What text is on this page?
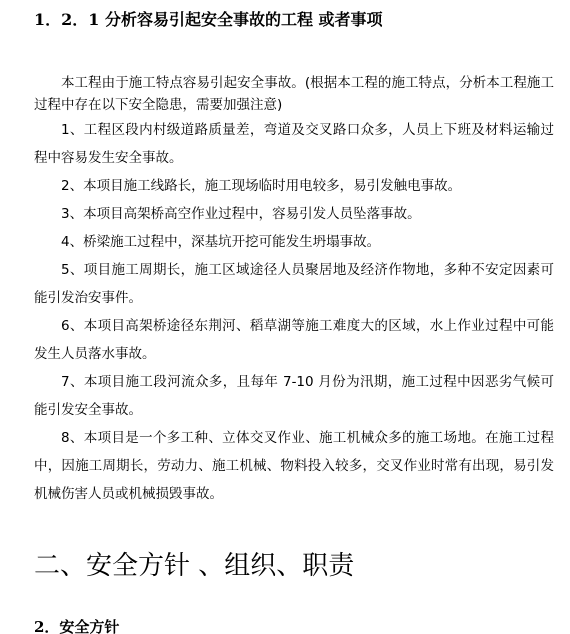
1．2．1 分析容易引起安全事故的工程 或者事项

本工程由于施工特点容易引起安全事故。(根据本工程的施工特点，分析本工程施工过程中存在以下安全隐患，需要加强注意)

1、工程区段内村级道路质量差，弯道及交叉路口众多，人员上下班及材料运输过程中容易发生安全事故。

2、本项目施工线路长，施工现场临时用电较多，易引发触电事故。

3、本项目高架桥高空作业过程中，容易引发人员坠落事故。

4、桥梁施工过程中，深基坑开挖可能发生坍塌事故。

5、项目施工周期长，施工区域途径人员聚居地及经济作物地，多种不安定因素可能引发治安事件。

6、本项目高架桥途径东荆河、稻草湖等施工难度大的区域，水上作业过程中可能发生人员落水事故。

7、本项目施工段河流众多，且每年 7-10 月份为汛期，施工过程中因恶劣气候可能引发安全事故。

8、本项目是一个多工种、立体交叉作业、施工机械众多的施工场地。在施工过程中，因施工周期长，劳动力、施工机械、物料投入较多，交叉作业时常有出现，易引发机械伤害人员或机械损毁事故。

二、安全方针 、组织、职责
2．安全方针
